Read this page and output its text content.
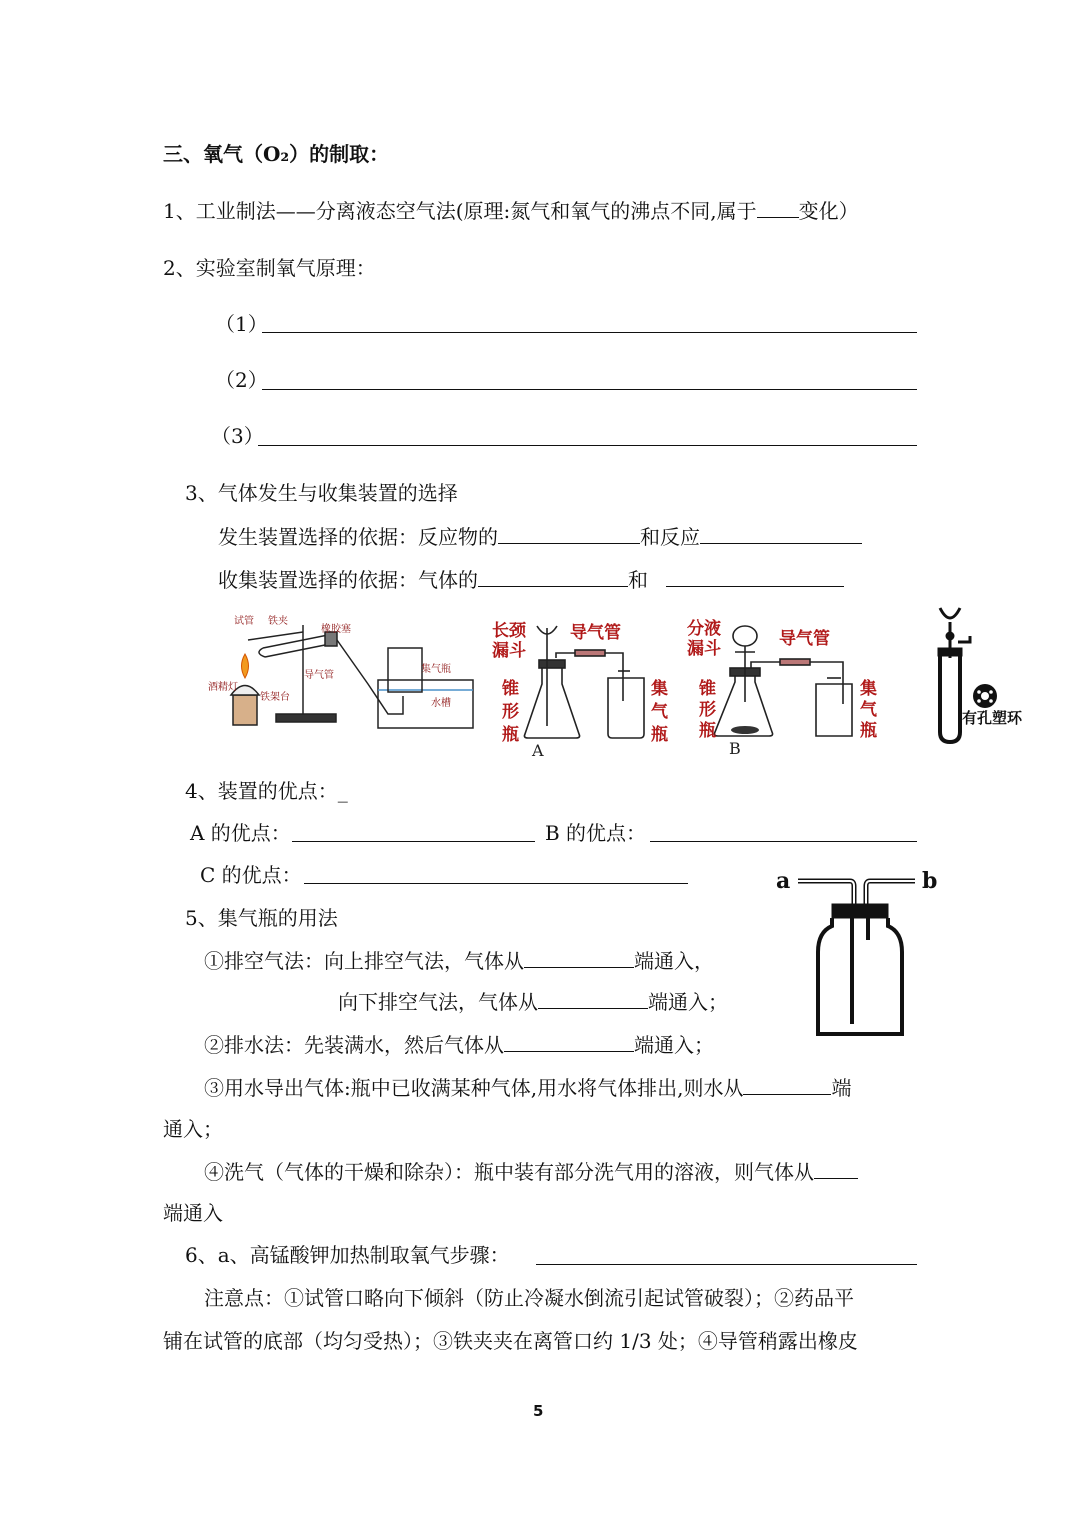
三、氧气（O₂）的制取：
1、工业制法——分离液态空气法(原理:氮气和氧气的沸点不同,属于 变化）
2、实验室制氧气原理：
（1）
（2）
（3）
3、气体发生与收集装置的选择
发生装置选择的依据：反应物的	和反应
收集装置选择的依据：气体的	和
试管 铁夹
橡胶塞
酒精灯
导气管
铁架台
集气瓶
水槽
长颈
漏斗
导气管
锥
形
瓶
集
气
瓶
A
分液
漏斗	导气管
锥
形
瓶
集
气
瓶
B
有孔塑环
4、装置的优点：_
A 的优点：	B 的优点：
C 的优点：	a	b
5、集气瓶的用法
①排空气法：向上排空气法，气体从	端通入，
向下排空气法，气体从	端通入；
②排水法：先装满水，然后气体从	端通入；
③用水导出气体:瓶中已收满某种气体,用水将气体排出,则水从	端
通入；
④洗气（气体的干燥和除杂）：瓶中装有部分洗气用的溶液，则气体从
端通入
6、a、高锰酸钾加热制取氧气步骤：
注意点：①试管口略向下倾斜（防止冷凝水倒流引起试管破裂）；②药品平
铺在试管的底部（均匀受热）；③铁夹夹在离管口约 1/3 处；④导管稍露出橡皮
5
